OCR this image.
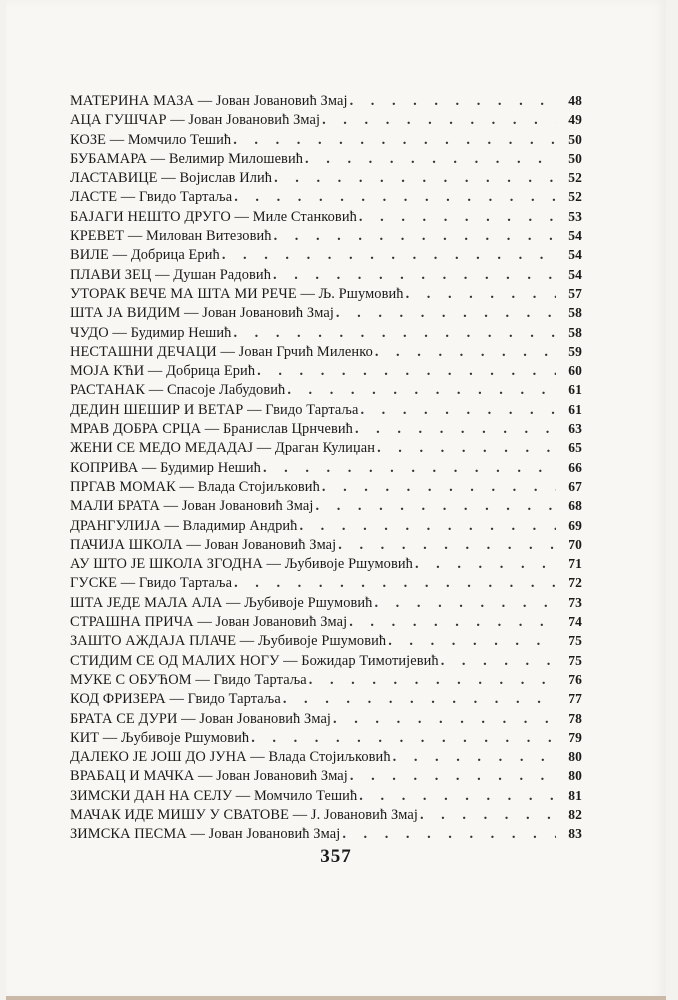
МАТЕРИНА МАЗА — Јован Јовановић Змај . . .	48
АЦА ГУШЧАР — Јован Јовановић Змај . . .	49
КОЗЕ — Момчило Тешић . . .	50
БУБАМАРА — Велимир Милошевић . . .	50
ЛАСТАВИЦЕ — Војислав Илић . . .	52
ЛАСТЕ — Гвидо Тартаља . . .	52
БАЈАГИ НЕШТО ДРУГО — Миле Станковић . . .	53
КРЕВЕТ — Милован Витезовић . . .	54
ВИЛЕ — Добрица Ерић . . .	54
ПЛАВИ ЗЕЦ — Душан Радовић . . .	54
УТОРАК ВЕЧЕ МА ШТА МИ РЕЧЕ — Љ. Ршумовић . . .	57
ШТА ЈА ВИДИМ — Јован Јовановић Змај . . .	58
ЧУДО — Будимир Нешић . . .	58
НЕСТАШНИ ДЕЧАЦИ — Јован Грчић Миленко . . .	59
МОЈА КЋИ — Добрица Ерић . . .	60
РАСТАНАК — Спасоје Лабудовић . . .	61
ДЕДИН ШЕШИР И ВЕТАР — Гвидо Тартаља . . .	61
МРАВ ДОБРА СРЦА — Бранислав Црнчевић . . .	63
ЖЕНИ СЕ МЕДО МЕДАДАЈ — Драган Кулиџан . . .	65
КОПРИВА — Будимир Нешић . . .	66
ПРГАВ МОМАК — Влада Стојиљковић . . .	67
МАЛИ БРАТА — Јован Јовановић Змај . . .	68
ДРАНГУЛИЈА — Владимир Андрић . . .	69
ПАЧИЈА ШКОЛА — Јован Јовановић Змај . . .	70
АУ ШТО ЈЕ ШКОЛА ЗГОДНА — Љубивоје Ршумовић . . .	71
ГУСКЕ — Гвидо Тартаља . . .	72
ШТА ЈЕДЕ МАЛА АЛА — Љубивоје Ршумовић . . .	73
СТРАШНА ПРИЧА — Јован Јовановић Змај . . .	74
ЗАШТО АЖДАЈА ПЛАЧЕ — Љубивоје Ршумовић . . .	75
СТИДИМ СЕ ОД МАЛИХ НОГУ — Божидар Тимотијевић . . .	75
МУКЕ С ОБУЋОМ — Гвидо Тартаља . . .	76
КОД ФРИЗЕРА — Гвидо Тартаља . . .	77
БРАТА СЕ ДУРИ — Јован Јовановић Змај . . .	78
КИТ — Љубивоје Ршумовић . . .	79
ДАЛЕКО ЈЕ ЈОШ ДО ЈУНА — Влада Стојиљковић . . .	80
ВРАБАЦ И МАЧКА — Јован Јовановић Змај . . .	80
ЗИМСКИ ДАН НА СЕЛУ — Момчило Тешић . . .	81
МАЧАК ИДЕ МИШУ У СВАТОВЕ — Ј. Јовановић Змај . . .	82
ЗИМСКА ПЕСМА — Јован Јовановић Змај . . .	83
357
